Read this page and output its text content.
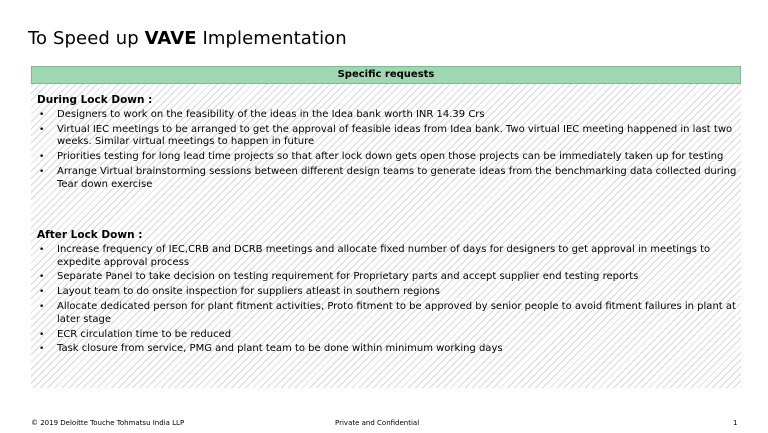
To Speed up VAVE Implementation
Specific requests
During Lock Down :
• Designers to work on the feasibility of the ideas in the Idea bank worth INR 14.39 Crs
• Virtual IEC meetings to be arranged to get the approval of feasible ideas from Idea bank. Two virtual IEC meeting happened in last two weeks. Similar virtual meetings to happen in future
• Priorities testing for long lead time projects so that after lock down gets open those projects can be immediately taken up for testing
• Arrange Virtual brainstorming sessions between different design teams to generate ideas from the benchmarking data collected during Tear down exercise
After Lock Down :
• Increase frequency of IEC,CRB and DCRB meetings and allocate fixed number of days for designers to get approval in meetings to expedite approval process
• Separate Panel to take decision on testing requirement for Proprietary parts and accept supplier end testing reports
• Layout team to do onsite inspection for suppliers atleast in southern regions
• Allocate dedicated person for plant fitment activities, Proto fitment to be approved by senior people to avoid fitment failures in plant at later stage
• ECR circulation time to be reduced
• Task closure from service, PMG and plant team to be done within minimum working days
© 2019 Deloitte Touche Tohmatsu India LLP	Private and Confidential	1
